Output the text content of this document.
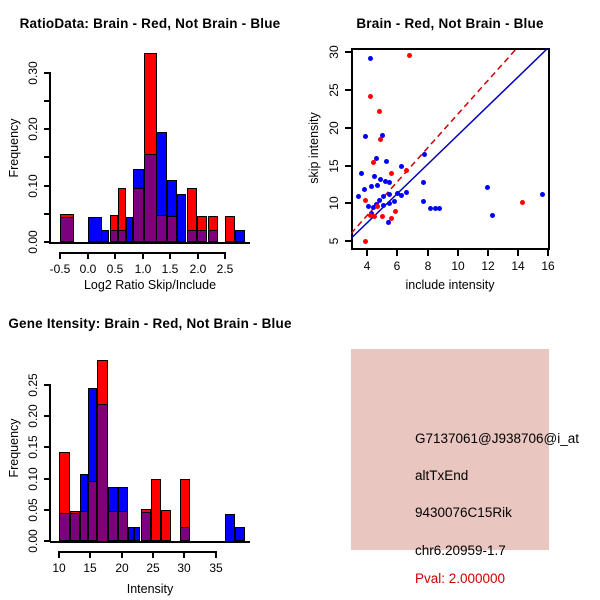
RatioData: Brain - Red, Not Brain - Blue
0.00
0.10
0.20
0.30
-0.5 0.0 0.5 1.0 1.5 2.0 2.5
Log2 Ratio Skip/Include
Frequency
Brain - Red, Not Brain - Blue
4	6	8	10	12	14	16
5
10
15
20
25
30
include intensity
skip intensity
Gene Itensity: Brain - Red, Not Brain - Blue
0.00
0.05
0.10
0.15
0.20
0.25
10	15	20	25	30	35
Intensity
Frequency	G7137061@J938706@i_at
altTxEnd
9430076C15Rik
chr6.20959-1.7
Pval: 2.000000
